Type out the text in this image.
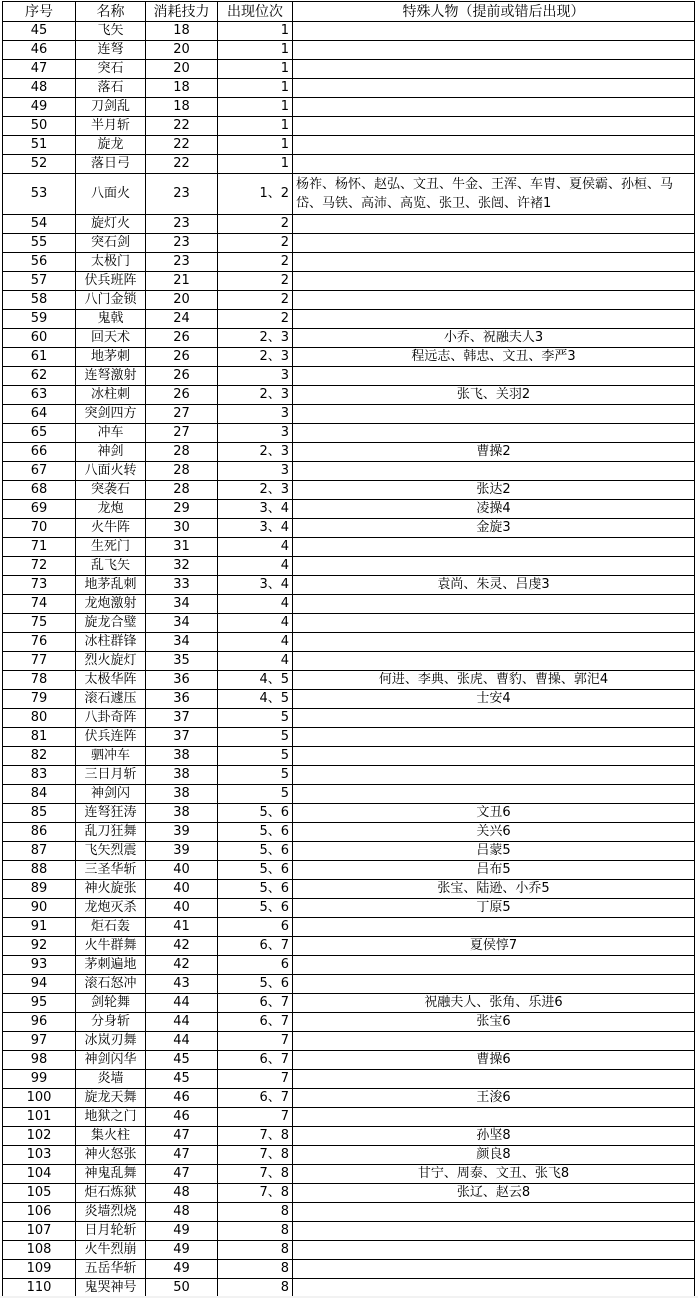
序号	名称	消耗技力	出现位次	特殊人物（提前或错后出现）
45	飞矢	18	1	
46	连弩	20	1	
47	突石	20	1	
48	落石	18	1	
49	刀剑乱	18	1	
50	半月斩	22	1	
51	旋龙	22	1	
52	落日弓	22	1	
53	八面火	23	1、2	杨祚、杨怀、赵弘、文丑、牛金、王浑、车胄、夏侯霸、孙桓、马岱、马铁、高沛、高览、张卫、张闿、许褚1
54	旋灯火	23	2	
55	突石剑	23	2	
56	太极门	23	2	
57	伏兵班阵	21	2	
58	八门金锁	20	2	
59	鬼戟	24	2	
60	回天术	26	2、3	小乔、祝融夫人3
61	地茅刺	26	2、3	程远志、韩忠、文丑、李严3
62	连弩激射	26	3	
63	冰柱刺	26	2、3	张飞、关羽2
64	突剑四方	27	3	
65	冲车	27	3	
66	神剑	28	2、3	曹操2
67	八面火转	28	3	
68	突袭石	28	2、3	张达2
69	龙炮	29	3、4	凌操4
70	火牛阵	30	3、4	金旋3
71	生死门	31	4	
72	乱飞矢	32	4	
73	地茅乱刺	33	3、4	袁尚、朱灵、吕虔3
74	龙炮激射	34	4	
75	旋龙合璧	34	4	
76	冰柱群锋	34	4	
77	烈火旋灯	35	4	
78	太极华阵	36	4、5	何进、李典、张虎、曹豹、曹操、郭汜4
79	滚石遽压	36	4、5	士安4
80	八卦奇阵	37	5	
81	伏兵连阵	37	5	
82	驷冲车	38	5	
83	三日月斩	38	5	
84	神剑闪	38	5	
85	连弩狂涛	38	5、6	文丑6
86	乱刀狂舞	39	5、6	关兴6
87	飞矢烈震	39	5、6	吕蒙5
88	三圣华斩	40	5、6	吕布5
89	神火旋张	40	5、6	张宝、陆逊、小乔5
90	龙炮灭杀	40	5、6	丁原5
91	炬石轰	41	6	
92	火牛群舞	42	6、7	夏侯惇7
93	茅刺遍地	42	6	
94	滚石怒冲	43	5、6	
95	剑轮舞	44	6、7	祝融夫人、张角、乐进6
96	分身斩	44	6、7	张宝6
97	冰岚刃舞	44	7	
98	神剑闪华	45	6、7	曹操6
99	炎墙	45	7	
100	旋龙天舞	46	6、7	王浚6
101	地狱之门	46	7	
102	集火柱	47	7、8	孙坚8
103	神火怒张	47	7、8	颜良8
104	神鬼乱舞	47	7、8	甘宁、周泰、文丑、张飞8
105	炬石炼狱	48	7、8	张辽、赵云8
106	炎墙烈烧	48	8	
107	日月轮斩	49	8	
108	火牛烈崩	49	8	
109	五岳华斩	49	8	
110	鬼哭神号	50	8	
